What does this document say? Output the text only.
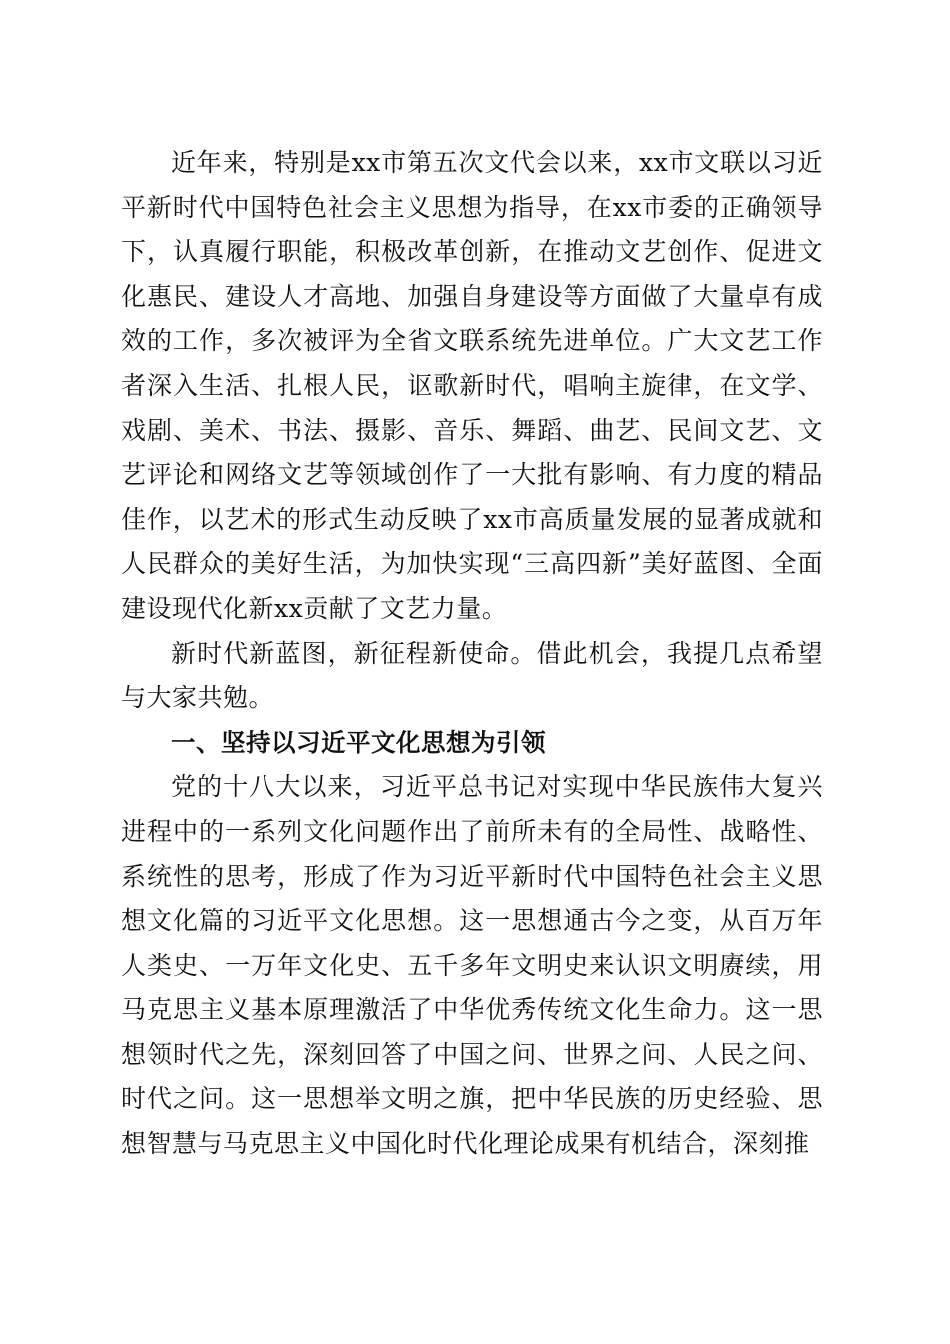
近年来，特别是xx市第五次文代会以来，xx市文联以习近平新时代中国特色社会主义思想为指导，在xx市委的正确领导下，认真履行职能，积极改革创新，在推动文艺创作、促进文化惠民、建设人才高地、加强自身建设等方面做了大量卓有成效的工作，多次被评为全省文联系统先进单位。广大文艺工作者深入生活、扎根人民，讴歌新时代，唱响主旋律，在文学、戏剧、美术、书法、摄影、音乐、舞蹈、曲艺、民间文艺、文艺评论和网络文艺等领域创作了一大批有影响、有力度的精品佳作，以艺术的形式生动反映了xx市高质量发展的显著成就和人民群众的美好生活，为加快实现“三高四新”美好蓝图、全面建设现代化新xx贡献了文艺力量。

新时代新蓝图，新征程新使命。借此机会，我提几点希望与大家共勉。

一、坚持以习近平文化思想为引领

党的十八大以来，习近平总书记对实现中华民族伟大复兴进程中的一系列文化问题作出了前所未有的全局性、战略性、系统性的思考，形成了作为习近平新时代中国特色社会主义思想文化篇的习近平文化思想。这一思想通古今之变，从百万年人类史、一万年文化史、五千多年文明史来认识文明赓续，用马克思主义基本原理激活了中华优秀传统文化生命力。这一思想领时代之先，深刻回答了中国之问、世界之问、人民之问、时代之问。这一思想举文明之旗，把中华民族的历史经验、思想智慧与马克思主义中国化时代化理论成果有机结合，深刻推
